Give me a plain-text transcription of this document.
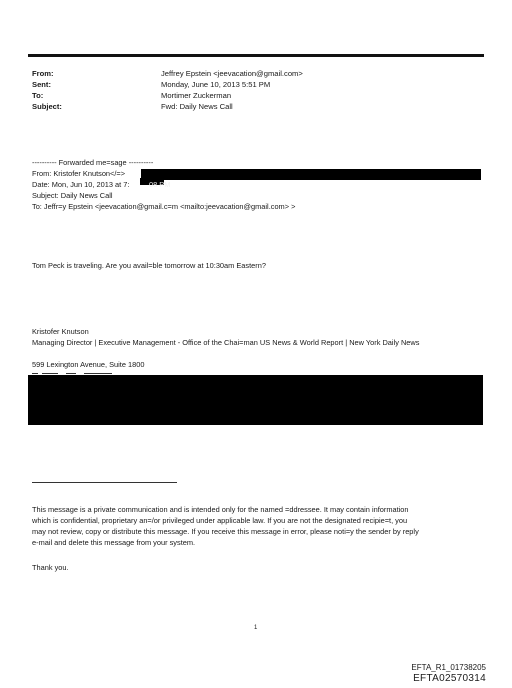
From:	Jeffrey Epstein <jeevacation@gmail.com>
Sent:	Monday, June 10, 2013 5:51 PM
To:	Mortimer Zuckerman
Subject:	Fwd: Daily News Call
---------- Forwarded me=sage ----------
From: Kristofer Knutson</=>
Date: Mon, Jun 10, 2013 at 7:	08 PM
Subject: Daily News Call
To: Jeffr=y Epstein <jeevacation@gmail.c=m <mailto:jeevacation@gmail.com> >
Tom Peck is traveling. Are you avail=ble tomorrow at 10:30am Eastern?
Kristofer Knutson
Managing Director | Executive Management - Office of the Chai=man US News & World Report | New York Daily News
599 Lexington Avenue, Suite 1800
This message is a private communication and is intended only for the named =ddressee. It may contain information
which is confidential, proprietary an=/or privileged under applicable law. If you are not the designated recipie=t, you
may not review, copy or distribute this message. If you receive this message in error, please noti=y the sender by reply
e-mail and delete this message from your system.
Thank you.
1
EFTA_R1_01738205
EFTA02570314
